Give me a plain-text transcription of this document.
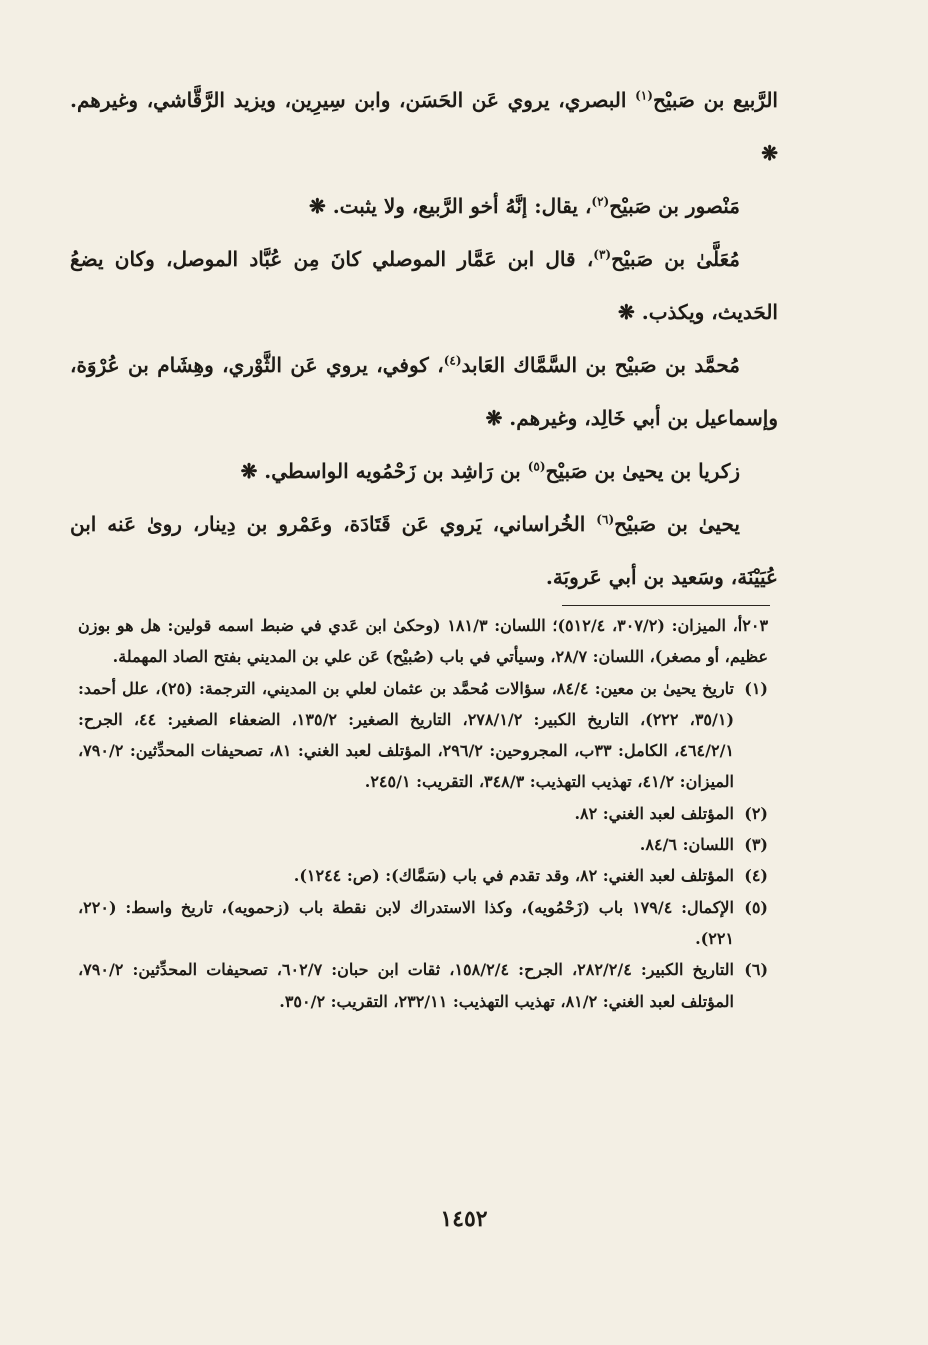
الرَّبيع بن صَبيْح$^{(١)}$ البصري، يروي عَن الحَسَن، وابن سِيرِين، ويزيد الرَّقَّاشي، وغيرهم. ❋

مَنْصور بن صَبيْح$^{(٢)}$، يقال: إنَّهُ أخو الرَّبيع، ولا يثبت. ❋

مُعَلَّىٰ بن صَبيْح$^{(٣)}$، قال ابن عَمَّار الموصلي كانَ مِن عُبَّاد الموصل، وكان يضعُ الحَديث، ويكذب. ❋

مُحمَّد بن صَبيْح بن السَّمَّاك العَابد$^{(٤)}$، كوفي، يروي عَن الثَّوْري، وهِشَام بن عُرْوَة، وإسماعيل بن أبي خَالِد، وغيرهم. ❋

زكريا بن يحيىٰ بن صَبيْح$^{(٥)}$ بن رَاشِد بن زَحْمُويه الواسطي. ❋

يحيىٰ بن صَبيْح$^{(٦)}$ الخُراساني، يَروي عَن قَتَادَة، وعَمْرو بن دِينار، روىٰ عَنه ابن عُيَيْنَة، وسَعيد بن أبي عَروبَة.

٢٠٣أ، الميزان: (٣٠٧/٢، ٥١٢/٤)؛ اللسان: ١٨١/٣ (وحكىٰ ابن عَدي في ضبط اسمه قولين: هل هو بوزن عظيم، أو مصغر)، اللسان: ٢٨/٧، وسيأتي في باب (صُبيْح) عَن علي بن المديني بفتح الصاد المهملة.

(١)تاريخ يحيىٰ بن معين: ٨٤/٤، سؤالات مُحمَّد بن عثمان لعلي بن المديني، الترجمة: (٢٥)، علل أحمد: (٣٥/١، ٢٢٢)، التاريخ الكبير: ٢٧٨/١/٢، التاريخ الصغير: ١٣٥/٢، الضعفاء الصغير: ٤٤، الجرح: ٤٦٤/٢/١، الكامل: ٣٣ب، المجروحين: ٢٩٦/٢، المؤتلف لعبد الغني: ٨١، تصحيفات المحدِّثين: ٧٩٠/٢، الميزان: ٤١/٢، تهذيب التهذيب: ٣٤٨/٣، التقريب: ٢٤٥/١.

(٢)المؤتلف لعبد الغني: ٨٢.

(٣)اللسان: ٨٤/٦.

(٤)المؤتلف لعبد الغني: ٨٢، وقد تقدم في باب (سَمَّاك): (ص: ١٢٤٤).

(٥)الإكمال: ١٧٩/٤ باب (زَحْمُويه)، وكذا الاستدراك لابن نقطة باب (زحمويه)، تاريخ واسط: (٢٢٠، ٢٢١).

(٦)التاريخ الكبير: ٢٨٢/٢/٤، الجرح: ١٥٨/٢/٤، ثقات ابن حبان: ٦٠٢/٧، تصحيفات المحدِّثين: ٧٩٠/٢، المؤتلف لعبد الغني: ٨١/٢، تهذيب التهذيب: ٢٣٢/١١، التقريب: ٣٥٠/٢.

١٤٥٢
